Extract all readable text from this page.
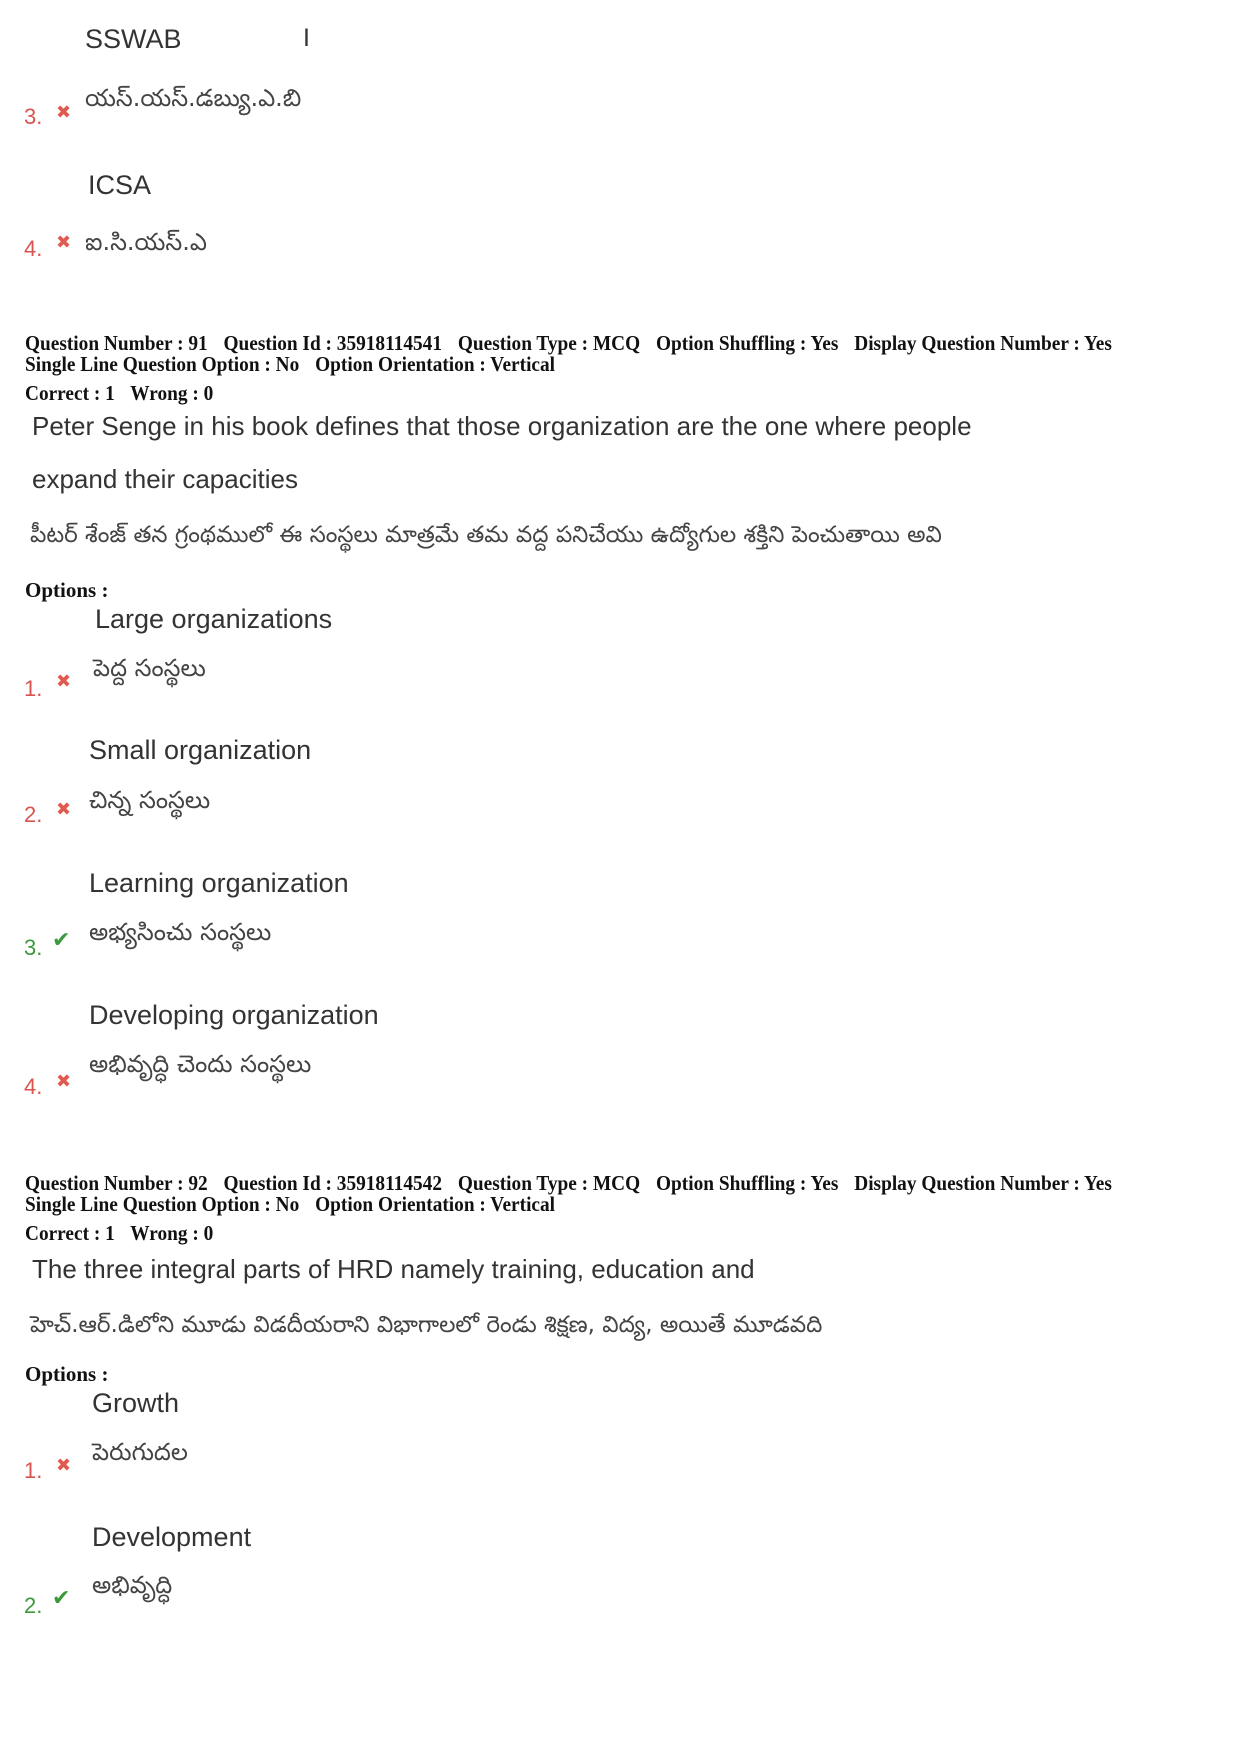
SSWAB	I
యస్.యస్.డబ్యు.ఎ.బి
3. ✖
ICSA
ఐ.సి.యస్.ఎ
4. ✖
Question Number : 91 Question Id : 35918114541 Question Type : MCQ Option Shuffling : Yes Display Question Number : Yes
Single Line Question Option : No Option Orientation : Vertical
Correct : 1 Wrong : 0
Peter Senge in his book defines that those organization are the one where people
expand their capacities
పీటర్ శేంజ్ తన గ్రంథములో ఈ సంస్థలు మాత్రమే తమ వద్ద పనిచేయు ఉద్యోగుల శక్తిని పెంచుతాయి అవి
Options :
Large organizations
పెద్ద సంస్థలు
1. ✖
Small organization
చిన్న సంస్థలు
2. ✖
Learning organization
అభ్యసించు సంస్థలు
3. ✔
Developing organization
అభివృద్ధి చెందు సంస్థలు
4. ✖
Question Number : 92 Question Id : 35918114542 Question Type : MCQ Option Shuffling : Yes Display Question Number : Yes
Single Line Question Option : No Option Orientation : Vertical
Correct : 1 Wrong : 0
The three integral parts of HRD namely training, education and
హెచ్.ఆర్.డిలోని మూడు విడదీయరాని విభాగాలలో రెండు శిక్షణ, విద్య, అయితే మూడవది
Options :
Growth
పెరుగుదల
1. ✖
Development
అభివృద్ధి
2. ✔
